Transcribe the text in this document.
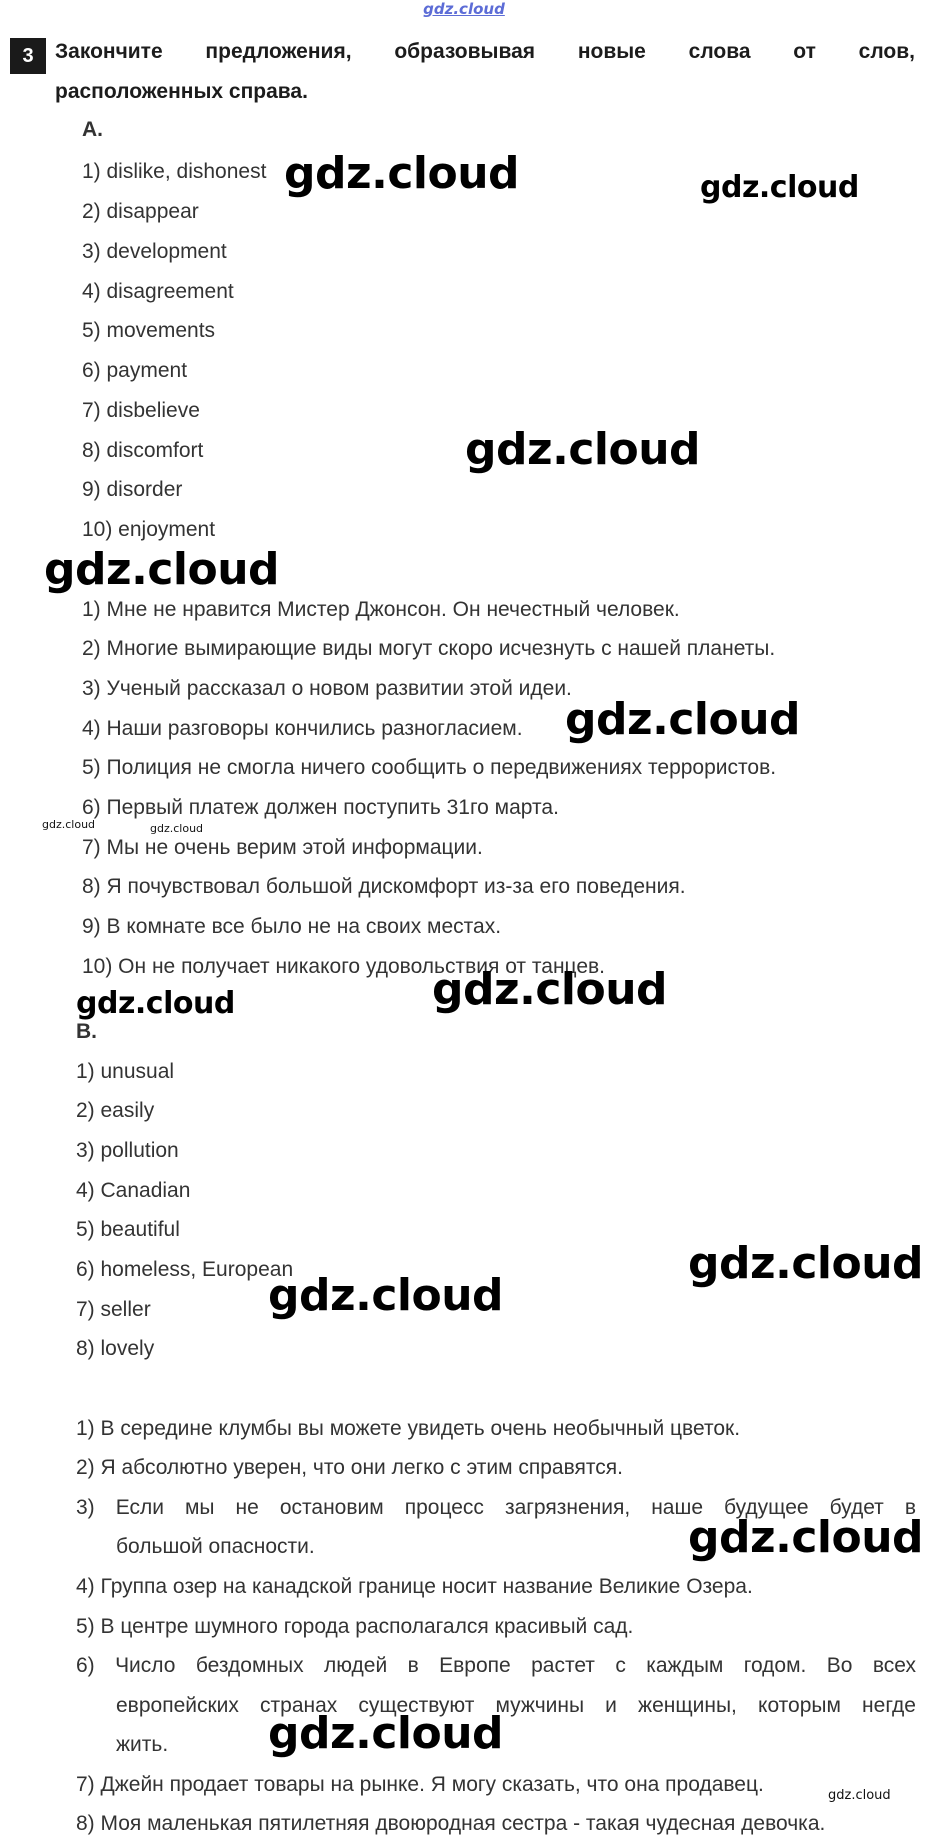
gdz.cloud
3	Закончите предложения, образовывая новые слова от слов,
расположенных справа.
A.
1) dislike, dishonest
2) disappear
3) development
4) disagreement
5) movements
6) payment
7) disbelieve
8) discomfort
9) disorder
10) enjoyment
1) Мне не нравится Мистер Джонсон. Он нечестный человек.
2) Многие вымирающие виды могут скоро исчезнуть с нашей планеты.
3) Ученый рассказал о новом развитии этой идеи.
4) Наши разговоры кончились разногласием.
5) Полиция не смогла ничего сообщить о передвижениях террористов.
6) Первый платеж должен поступить 31го марта.
7) Мы не очень верим этой информации.
8) Я почувствовал большой дискомфорт из-за его поведения.
9) В комнате все было не на своих местах.
10) Он не получает никакого удовольствия от танцев.
B.
1) unusual
2) easily
3) pollution
4) Canadian
5) beautiful
6) homeless, European
7) seller
8) lovely
1) В середине клумбы вы можете увидеть очень необычный цветок.
2) Я абсолютно уверен, что они легко с этим справятся.
3) Если мы не остановим процесс загрязнения, наше будущее будет в
большой опасности.
4) Группа озер на канадской границе носит название Великие Озера.
5) В центре шумного города располагался красивый сад.
6) Число бездомных людей в Европе растет с каждым годом. Во всех
европейских странах существуют мужчины и женщины, которым негде
жить.
7) Джейн продает товары на рынке. Я могу сказать, что она продавец.
8) Моя маленькая пятилетняя двоюродная сестра - такая чудесная девочка.
gdz.cloud	gdz.cloud
gdz.cloud
gdz.cloud
gdz.cloud
gdz.cloud	gdz.cloud
gdz.cloud
gdz.cloud
gdz.cloud
gdz.cloud
gdz.cloud
gdz.cloud
gdz.cloud
